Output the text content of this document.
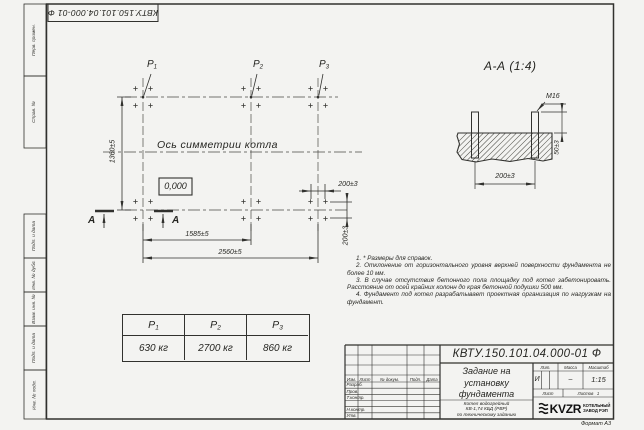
КВТУ.150.101.04.000-01 Ф
Перв. примен.
Справ. №
Подп. и дата
Инв. № дубл.
Взам. инв. №
Подп. и дата
Инв. № подл.
P1	P2	P3
Ось симметрии котла
0,000
1360±5
1585±5
2560±5
200±3
200±3
А	А
А-А (1:4)
М16
50±3
200±3
P1	P2	P3
630 кг	2700 кг	860 кг

1. * Размеры для справок.

2. Отклонение от горизонтального уровня верхней поверхности фундамента не более 10 мм.

3. В случае отсутствия бетонного пола площадку под котел забетонировать. Расстояние от осей крайних колонн до края бетонной подушки 500 мм.

4. Фундамент под котел разрабатывает проектная организация по нагрузкам на фундамент.

КВТУ.150.101.04.000-01 Ф
Изм. Лист	№ докум.	Подп.	Дата
Разраб.
Пров.
Т.контр.
Н.контр.
Утв.
Задание на
установку
фундамента
Котел водогрейный
КВ-1,74 КБД (РВР)
по техническому заданию
Лит.	Масса	Масштаб
И	–	1:15
Лист	Листов 1
KVZR КОТЕЛЬНЫЙ
ЗАВОД РЭП
Формат А3
